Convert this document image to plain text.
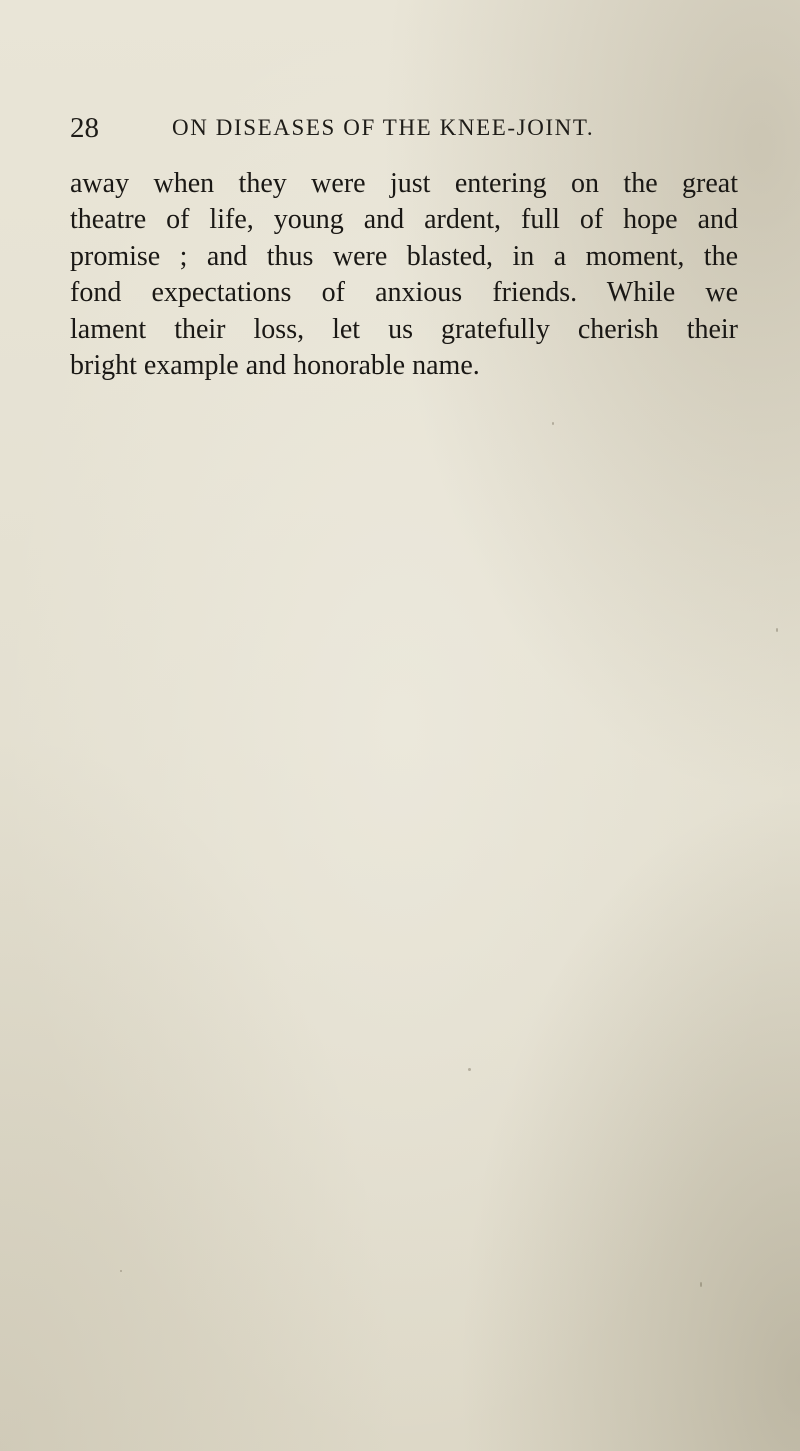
28	ON DISEASES OF THE KNEE-JOINT.
away when they were just entering on the great
theatre of life, young and ardent, full of hope and
promise ; and thus were blasted, in a moment, the
fond expectations of anxious friends. While we
lament their loss, let us gratefully cherish their
bright example and honorable name.
